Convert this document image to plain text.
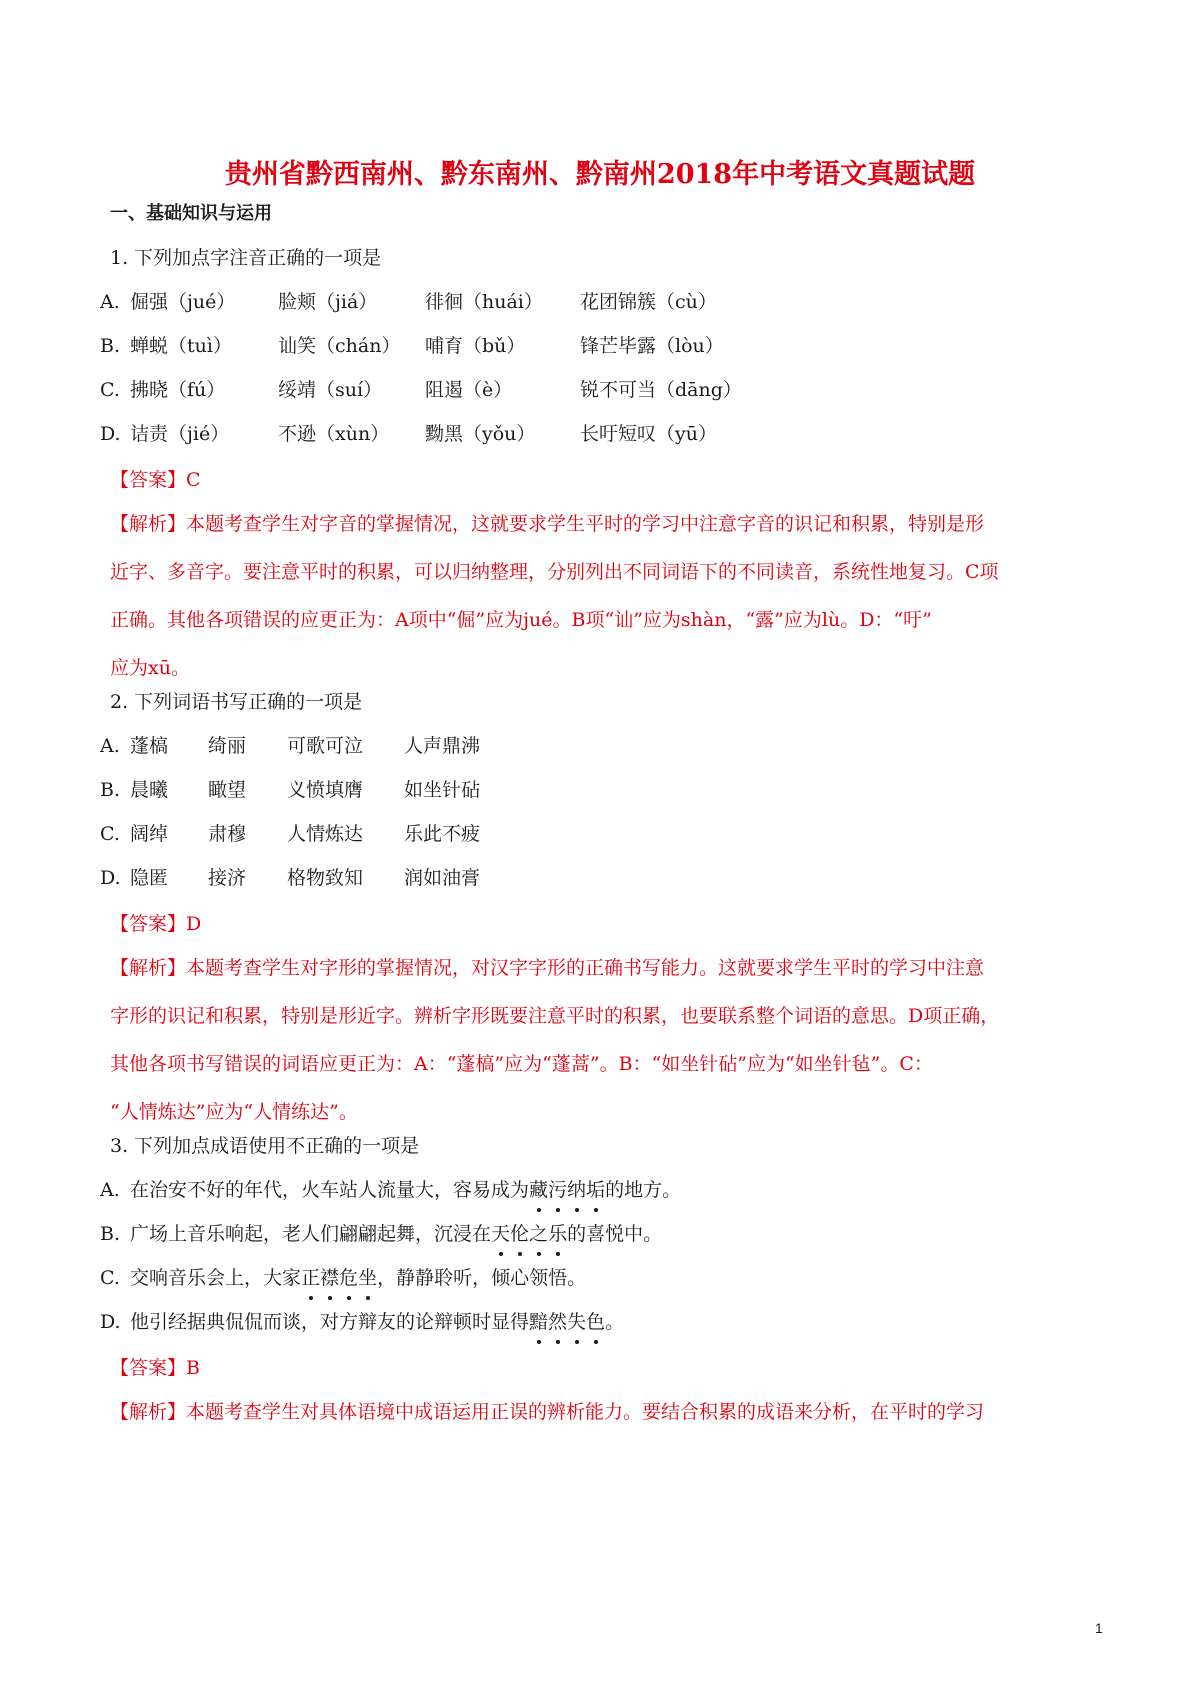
贵州省黔西南州、黔东南州、黔南州2018年中考语文真题试题
一、基础知识与运用
1. 下列加点字注音正确的一项是
A. 倔强（jué） 脸颊（jiá）	徘徊（huái） 花团锦簇（cù）
B. 蝉蜕（tuì） 讪笑（chán） 哺育（bǔ）	锋芒毕露（lòu）
C. 拂晓（fú）	绥靖（suí） 阻遏（è）	锐不可当（dāng）
D. 诘责（jié）	不逊（xùn） 黝黑（yǒu） 长吁短叹（yū）
【答案】C
【解析】本题考查学生对字音的掌握情况，这就要求学生平时的学习中注意字音的识记和积累，特别是形
近字、多音字。要注意平时的积累，可以归纳整理，分别列出不同词语下的不同读音，系统性地复习。C项
正确。其他各项错误的应更正为：A项中“倔”应为jué。B项“讪”应为shàn，“露”应为lù。D：“吁”
应为xū。
2. 下列词语书写正确的一项是
A. 蓬槁 绮丽 可歌可泣 人声鼎沸
B. 晨曦 瞰望 义愤填膺 如坐针砧
C. 阔绰 肃穆 人情炼达 乐此不疲
D. 隐匿 接济 格物致知 润如油膏
【答案】D
【解析】本题考查学生对字形的掌握情况，对汉字字形的正确书写能力。这就要求学生平时的学习中注意
字形的识记和积累，特别是形近字。辨析字形既要注意平时的积累，也要联系整个词语的意思。D项正确，
其他各项书写错误的词语应更正为：A：“蓬槁”应为“蓬蒿”。B：“如坐针砧”应为“如坐针毡”。C：
“人情炼达”应为“人情练达”。
3. 下列加点成语使用不正确的一项是
A. 在治安不好的年代，火车站人流量大，容易成为藏污纳垢的地方。
B. 广场上音乐响起，老人们翩翩起舞，沉浸在天伦之乐的喜悦中。
C. 交响音乐会上，大家正襟危坐，静静聆听，倾心领悟。
D. 他引经据典侃侃而谈，对方辩友的论辩顿时显得黯然失色。
【答案】B
【解析】本题考查学生对具体语境中成语运用正误的辨析能力。要结合积累的成语来分析，在平时的学习
1
